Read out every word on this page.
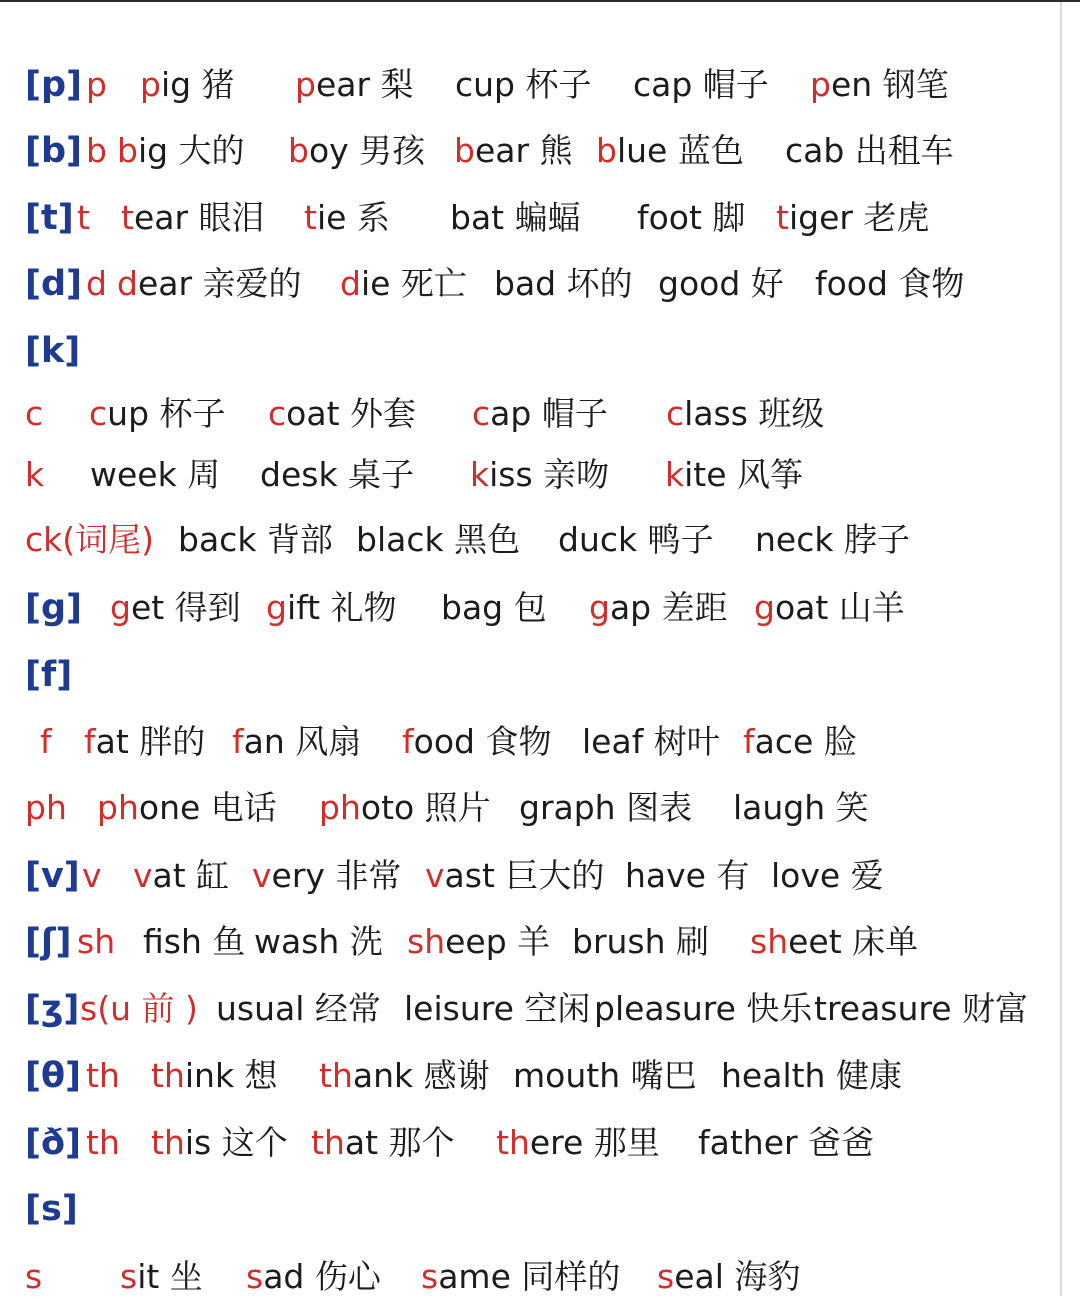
[p] p pig 猪 pear 梨 cup 杯子 cap 帽子 pen 钢笔
[b] b big 大的 boy 男孩 bear 熊 blue 蓝色 cab 出租车
[t] t tear 眼泪 tie 系 bat 蝙蝠 foot 脚 tiger 老虎
[d] d dear 亲爱的 die 死亡 bad 坏的 good 好 food 食物
[k]
c cup 杯子 coat 外套 cap 帽子 class 班级
k week 周 desk 桌子 kiss 亲吻 kite 风筝
ck(词尾) back 背部 black 黑色 duck 鸭子 neck 脖子
[g] get 得到 gift 礼物 bag 包 gap 差距 goat 山羊
[f]
f fat 胖的 fan 风扇 food 食物 leaf 树叶 face 脸
ph phone 电话 photo 照片 graph 图表 laugh 笑
[v] v vat 缸 very 非常 vast 巨大的 have 有 love 爱
[ʃ] sh fish 鱼 wash 洗 sheep 羊 brush 刷 sheet 床单
[ʒ] s(u 前 ) usual 经常 leisure 空闲 pleasure 快乐 treasure 财富
[θ] th think 想 thank 感谢 mouth 嘴巴 health 健康
[ð] th this 这个 that 那个 there 那里 father 爸爸
[s]
s sit 坐 sad 伤心 same 同样的 seal 海豹
